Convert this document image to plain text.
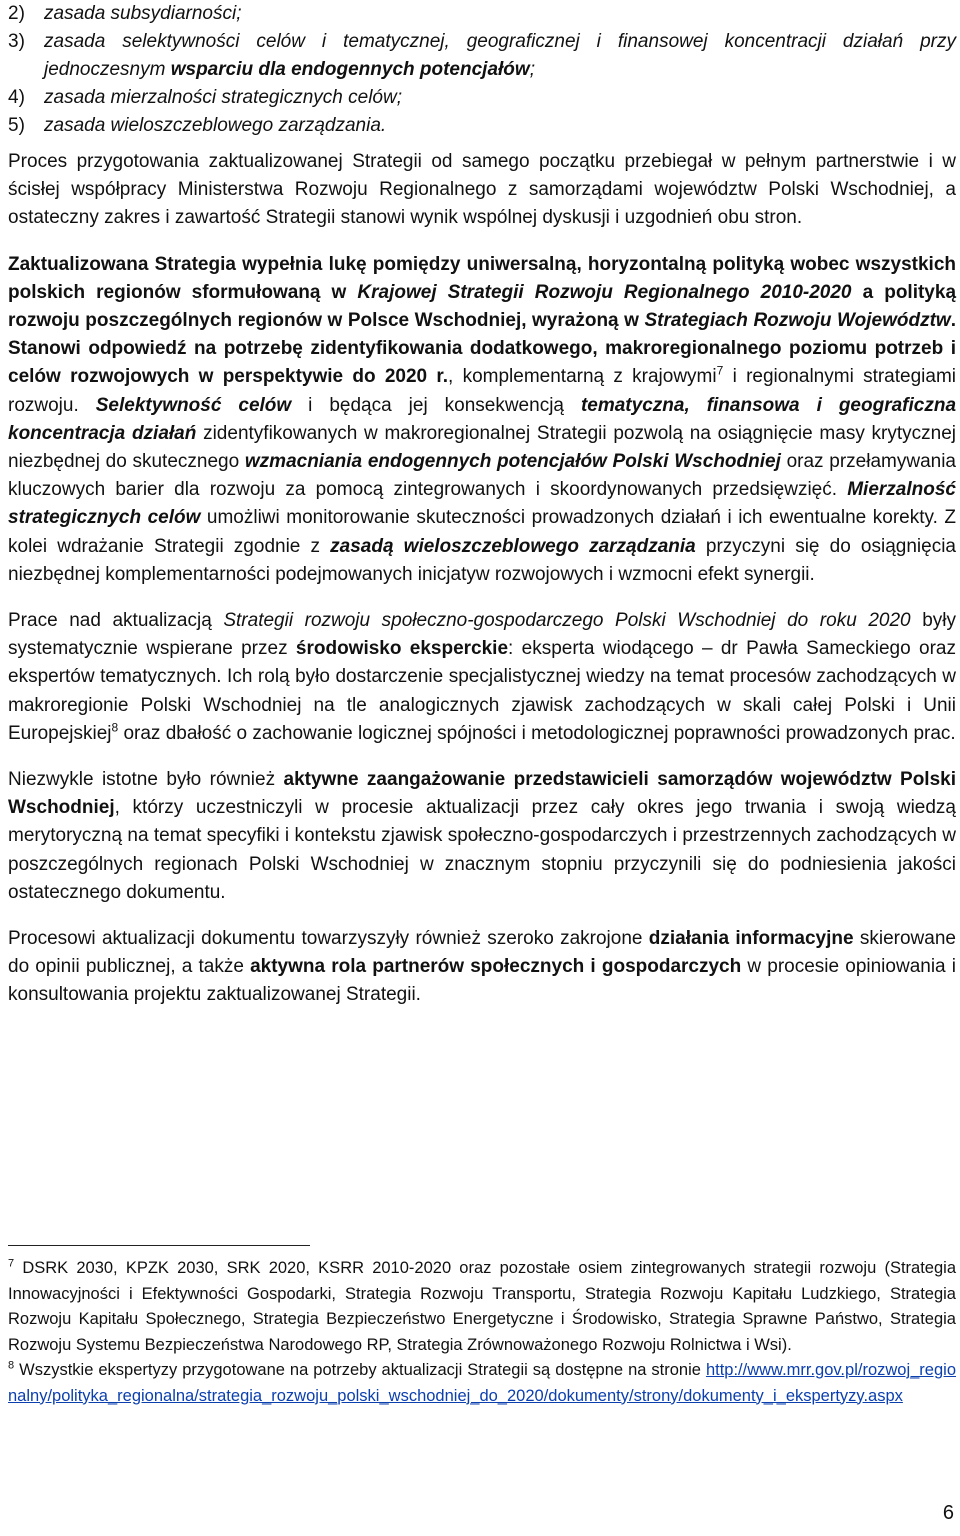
2) zasada subsydiarności;
3) zasada selektywności celów i tematycznej, geograficznej i finansowej koncentracji działań przy jednoczesnym wsparciu dla endogennych potencjałów;
4) zasada mierzalności strategicznych celów;
5) zasada wieloszczeblowego zarządzania.

Proces przygotowania zaktualizowanej Strategii od samego początku przebiegał w pełnym partnerstwie i w ścisłej współpracy Ministerstwa Rozwoju Regionalnego z samorządami województw Polski Wschodniej, a ostateczny zakres i zawartość Strategii stanowi wynik wspólnej dyskusji i uzgodnień obu stron.

Zaktualizowana Strategia wypełnia lukę pomiędzy uniwersalną, horyzontalną polityką wobec wszystkich polskich regionów sformułowaną w Krajowej Strategii Rozwoju Regionalnego 2010-2020 a polityką rozwoju poszczególnych regionów w Polsce Wschodniej, wyrażoną w Strategiach Rozwoju Województw. Stanowi odpowiedź na potrzebę zidentyfikowania dodatkowego, makroregionalnego poziomu potrzeb i celów rozwojowych w perspektywie do 2020 r., komplementarną z krajowymi$^7$ i regionalnymi strategiami rozwoju. Selektywność celów i będąca jej konsekwencją tematyczna, finansowa i geograficzna koncentracja działań zidentyfikowanych w makroregionalnej Strategii pozwolą na osiągnięcie masy krytycznej niezbędnej do skutecznego wzmacniania endogennych potencjałów Polski Wschodniej oraz przełamywania kluczowych barier dla rozwoju za pomocą zintegrowanych i skoordynowanych przedsięwzięć. Mierzalność strategicznych celów umożliwi monitorowanie skuteczności prowadzonych działań i ich ewentualne korekty. Z kolei wdrażanie Strategii zgodnie z zasadą wieloszczeblowego zarządzania przyczyni się do osiągnięcia niezbędnej komplementarności podejmowanych inicjatyw rozwojowych i wzmocni efekt synergii.

Prace nad aktualizacją Strategii rozwoju społeczno-gospodarczego Polski Wschodniej do roku 2020 były systematycznie wspierane przez środowisko eksperckie: eksperta wiodącego – dr Pawła Sameckiego oraz ekspertów tematycznych. Ich rolą było dostarczenie specjalistycznej wiedzy na temat procesów zachodzących w makroregionie Polski Wschodniej na tle analogicznych zjawisk zachodzących w skali całej Polski i Unii Europejskiej$^8$ oraz dbałość o zachowanie logicznej spójności i metodologicznej poprawności prowadzonych prac.

Niezwykle istotne było również aktywne zaangażowanie przedstawicieli samorządów województw Polski Wschodniej, którzy uczestniczyli w procesie aktualizacji przez cały okres jego trwania i swoją wiedzą merytoryczną na temat specyfiki i kontekstu zjawisk społeczno-gospodarczych i przestrzennych zachodzących w poszczególnych regionach Polski Wschodniej w znacznym stopniu przyczynili się do podniesienia jakości ostatecznego dokumentu.

Procesowi aktualizacji dokumentu towarzyszyły również szeroko zakrojone działania informacyjne skierowane do opinii publicznej, a także aktywna rola partnerów społecznych i gospodarczych w procesie opiniowania i konsultowania projektu zaktualizowanej Strategii.

$^7$ DSRK 2030, KPZK 2030, SRK 2020, KSRR 2010-2020 oraz pozostałe osiem zintegrowanych strategii rozwoju (Strategia Innowacyjności i Efektywności Gospodarki, Strategia Rozwoju Transportu, Strategia Rozwoju Kapitału Ludzkiego, Strategia Rozwoju Kapitału Społecznego, Strategia Bezpieczeństwo Energetyczne i Środowisko, Strategia Sprawne Państwo, Strategia Rozwoju Systemu Bezpieczeństwa Narodowego RP, Strategia Zrównoważonego Rozwoju Rolnictwa i Wsi).

$^8$ Wszystkie ekspertyzy przygotowane na potrzeby aktualizacji Strategii są dostępne na stronie http://www.mrr.gov.pl/rozwoj_regionalny/polityka_regionalna/strategia_rozwoju_polski_wschodniej_do_2020/dokumenty/strony/dokumenty_i_ekspertyzy.aspx

6
